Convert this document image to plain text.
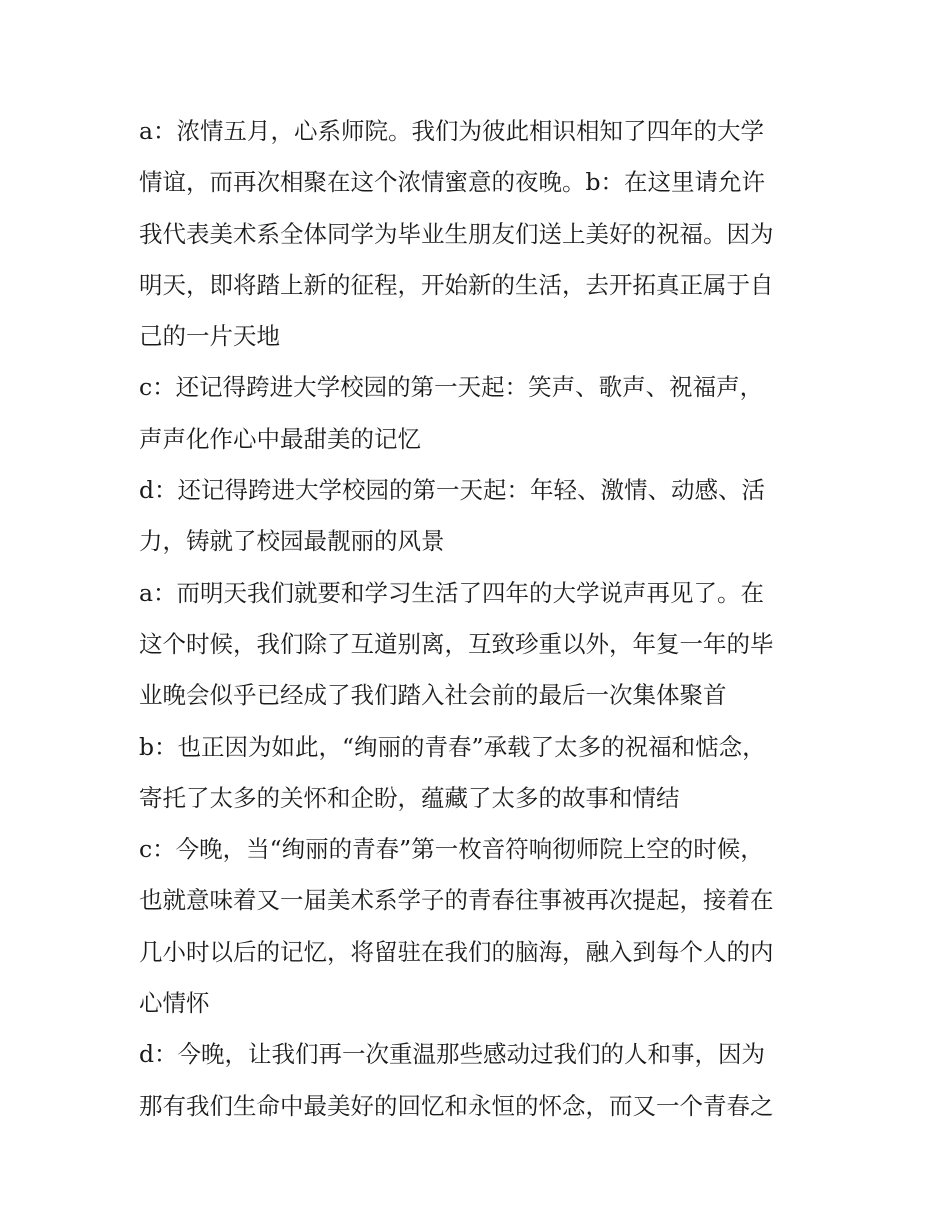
a：浓情五月，心系师院。我们为彼此相识相知了四年的大学
情谊，而再次相聚在这个浓情蜜意的夜晚。b：在这里请允许
我代表美术系全体同学为毕业生朋友们送上美好的祝福。因为
明天，即将踏上新的征程，开始新的生活，去开拓真正属于自
己的一片天地
c：还记得跨进大学校园的第一天起：笑声、歌声、祝福声，
声声化作心中最甜美的记忆
d：还记得跨进大学校园的第一天起：年轻、激情、动感、活
力，铸就了校园最靓丽的风景
a：而明天我们就要和学习生活了四年的大学说声再见了。在
这个时候，我们除了互道别离，互致珍重以外，年复一年的毕
业晚会似乎已经成了我们踏入社会前的最后一次集体聚首
b：也正因为如此，“绚丽的青春”承载了太多的祝福和惦念，
寄托了太多的关怀和企盼，蕴藏了太多的故事和情结
c：今晚，当“绚丽的青春”第一枚音符响彻师院上空的时候，
也就意味着又一届美术系学子的青春往事被再次提起，接着在
几小时以后的记忆，将留驻在我们的脑海，融入到每个人的内
心情怀
d：今晚，让我们再一次重温那些感动过我们的人和事，因为
那有我们生命中最美好的回忆和永恒的怀念，而又一个青春之
